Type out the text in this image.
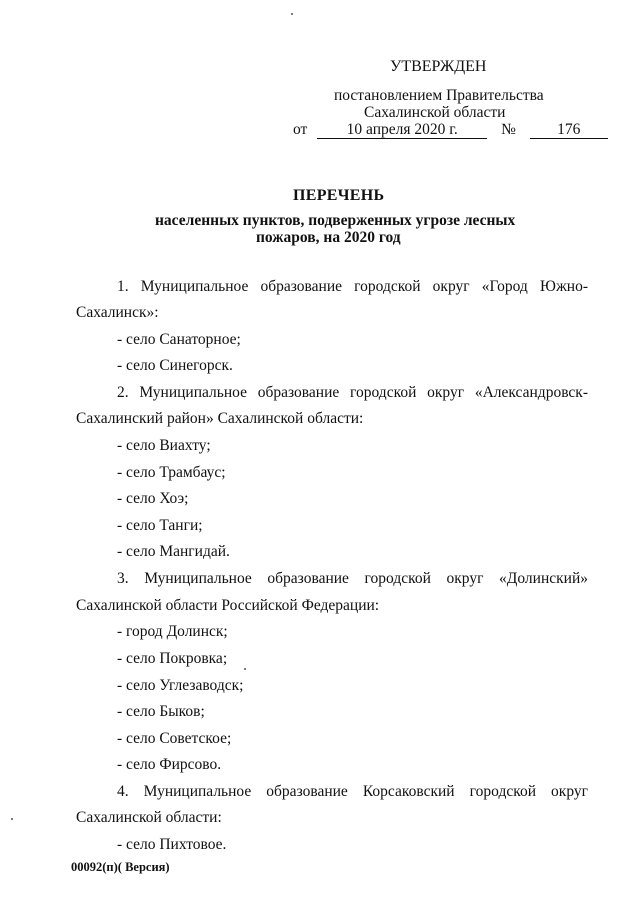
УТВЕРЖДЕН
постановлением Правительства
Сахалинской области
от	10 апреля 2020 г.	№	176
ПЕРЕЧЕНЬ
населенных пунктов, подверженных угрозе лесных
пожаров, на 2020 год
1. Муниципальное образование городской округ «Город Южно-
Сахалинск»:
- село Санаторное;
- село Синегорск.
2. Муниципальное образование городской округ «Александровск-
Сахалинский район» Сахалинской области:
- село Виахту;
- село Трамбаус;
- село Хоэ;
- село Танги;
- село Мангидай.
3. Муниципальное образование городской округ «Долинский»
Сахалинской области Российской Федерации:
- город Долинск;
- село Покровка;
- село Углезаводск;
- село Быков;
- село Советское;
- село Фирсово.
4. Муниципальное образование Корсаковский городской округ
Сахалинской области:
- село Пихтовое.
00092(п)( Версия)
